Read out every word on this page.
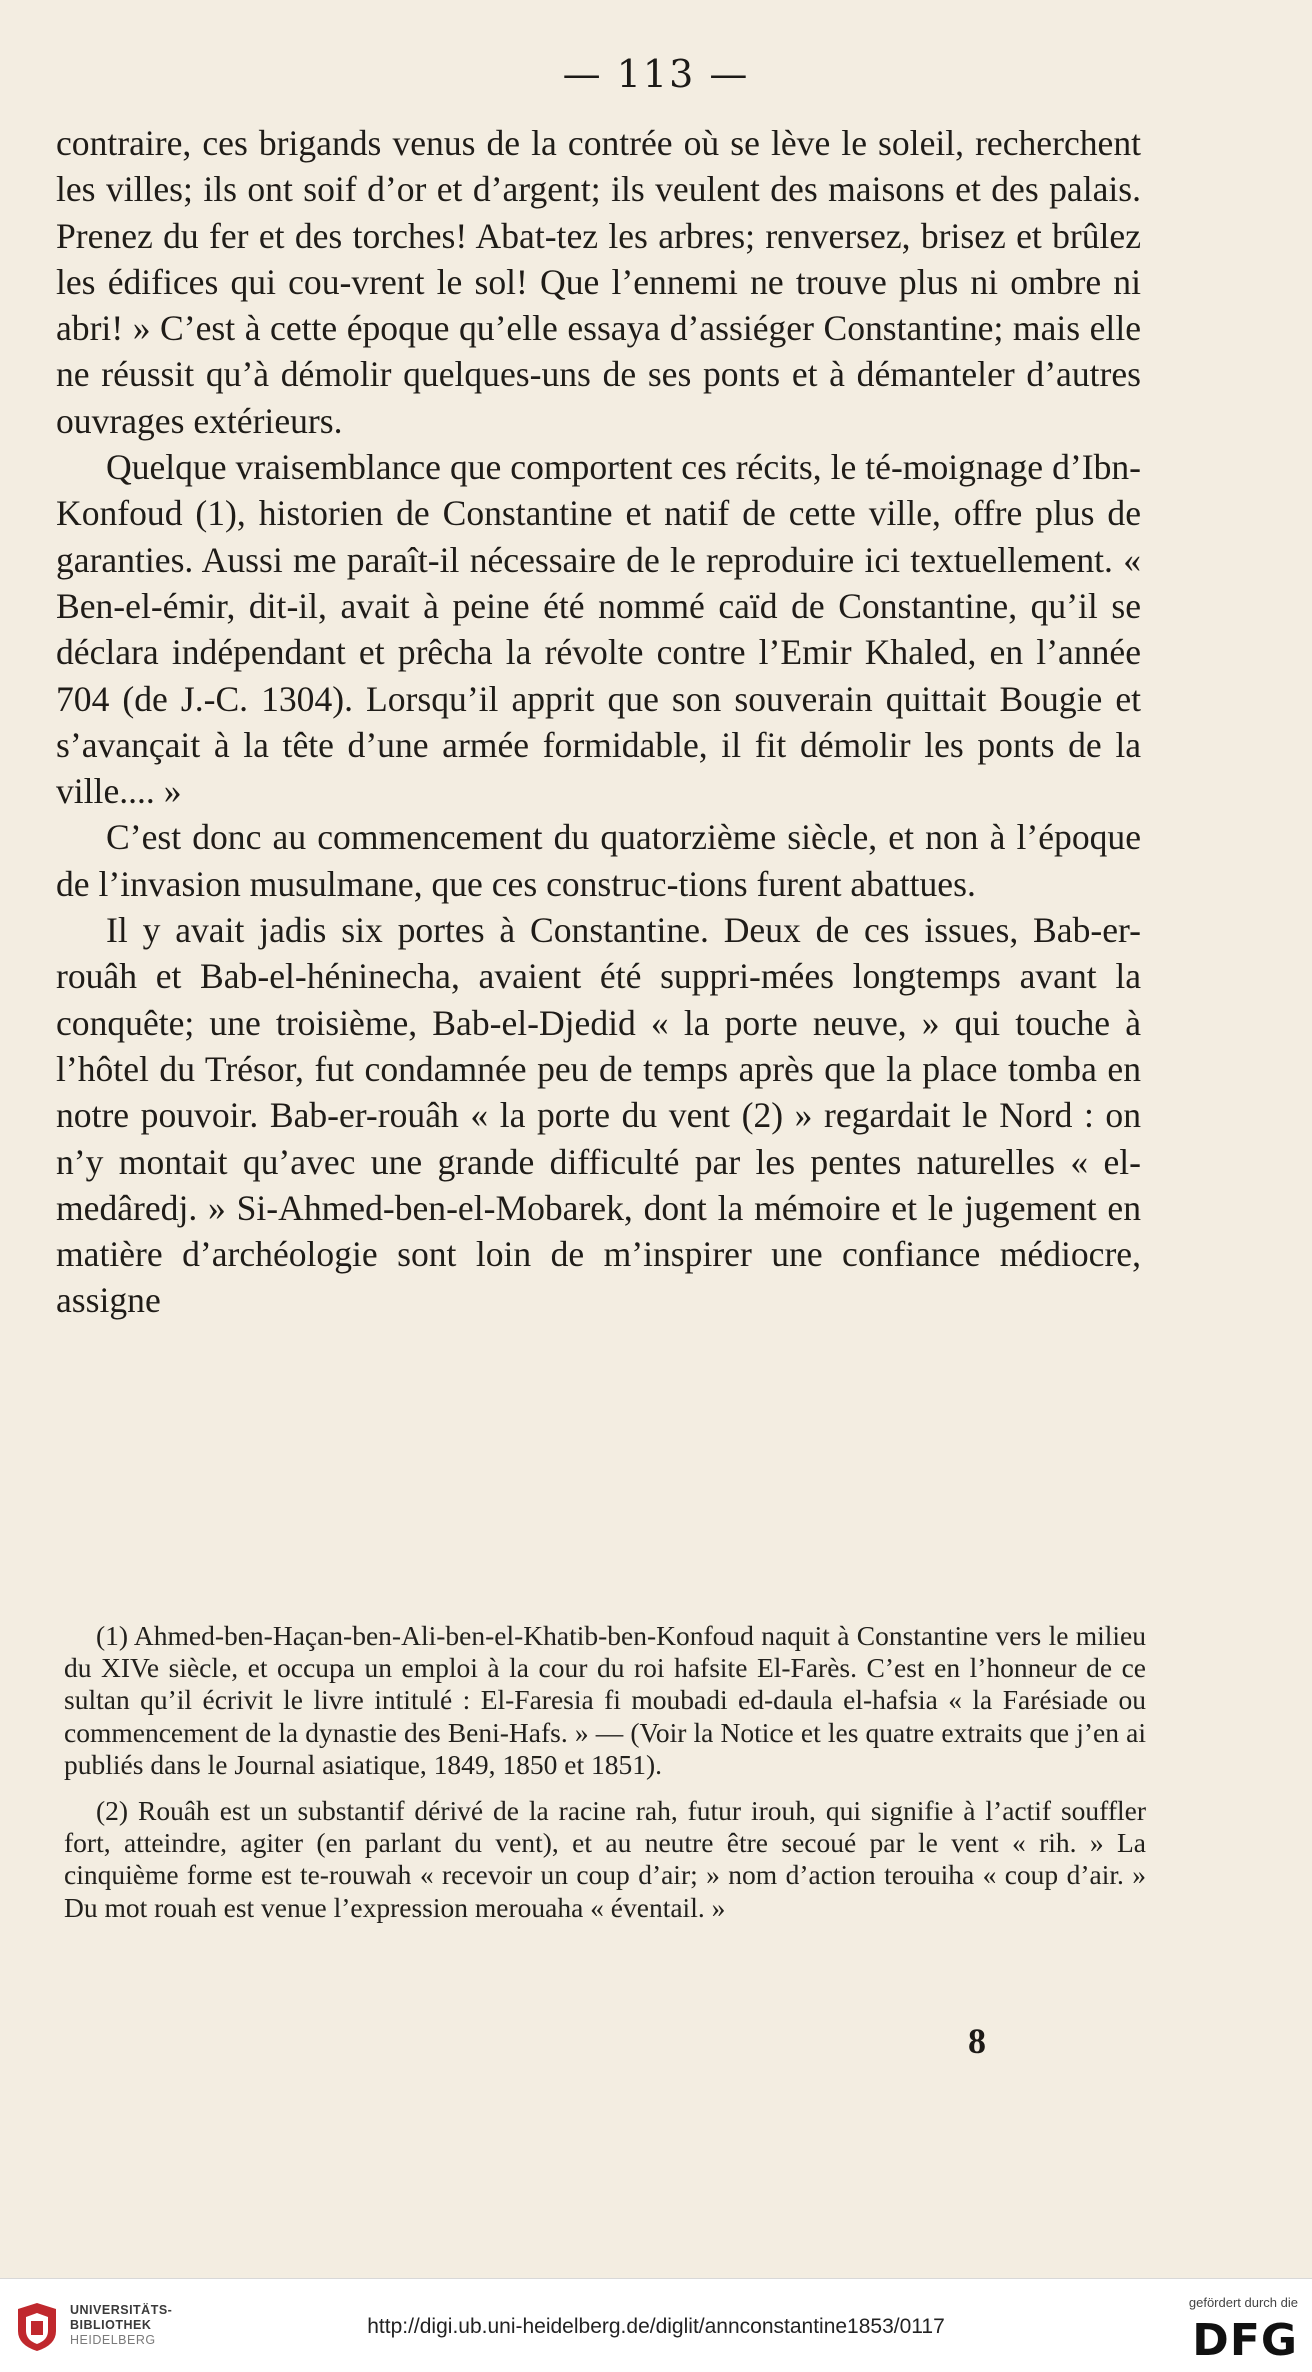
— 113 —

contraire, ces brigands venus de la contrée où se lève le soleil, recherchent les villes; ils ont soif d’or et d’argent; ils veulent des maisons et des palais. Prenez du fer et des torches! Abat-tez les arbres; renversez, brisez et brûlez les édifices qui cou-vrent le sol! Que l’ennemi ne trouve plus ni ombre ni abri! » C’est à cette époque qu’elle essaya d’assiéger Constantine; mais elle ne réussit qu’à démolir quelques-uns de ses ponts et à démanteler d’autres ouvrages extérieurs.

Quelque vraisemblance que comportent ces récits, le té-moignage d’Ibn-Konfoud (1), historien de Constantine et natif de cette ville, offre plus de garanties. Aussi me paraît-il nécessaire de le reproduire ici textuellement. « Ben-el-émir, dit-il, avait à peine été nommé caïd de Constantine, qu’il se déclara indépendant et prêcha la révolte contre l’Emir Khaled, en l’année 704 (de J.-C. 1304). Lorsqu’il apprit que son souverain quittait Bougie et s’avançait à la tête d’une armée formidable, il fit démolir les ponts de la ville.... »

C’est donc au commencement du quatorzième siècle, et non à l’époque de l’invasion musulmane, que ces construc-tions furent abattues.

Il y avait jadis six portes à Constantine. Deux de ces issues, Bab-er-rouâh et Bab-el-héninecha, avaient été suppri-mées longtemps avant la conquête; une troisième, Bab-el-Djedid « la porte neuve, » qui touche à l’hôtel du Trésor, fut condamnée peu de temps après que la place tomba en notre pouvoir. Bab-er-rouâh « la porte du vent (2) » regardait le Nord : on n’y montait qu’avec une grande difficulté par les pentes naturelles « el-medâredj. » Si-Ahmed-ben-el-Mobarek, dont la mémoire et le jugement en matière d’archéologie sont loin de m’inspirer une confiance médiocre, assigne

(1) Ahmed-ben-Haçan-ben-Ali-ben-el-Khatib-ben-Konfoud naquit à Constantine vers le milieu du XIVe siècle, et occupa un emploi à la cour du roi hafsite El-Farès. C’est en l’honneur de ce sultan qu’il écrivit le livre intitulé : El-Faresia fi moubadi ed-daula el-hafsia « la Farésiade ou commencement de la dynastie des Beni-Hafs. » — (Voir la Notice et les quatre extraits que j’en ai publiés dans le Journal asiatique, 1849, 1850 et 1851).

(2) Rouâh est un substantif dérivé de la racine rah, futur irouh, qui signifie à l’actif souffler fort, atteindre, agiter (en parlant du vent), et au neutre être secoué par le vent « rih. » La cinquième forme est te-rouwah « recevoir un coup d’air; » nom d’action terouiha « coup d’air. » Du mot rouah est venue l’expression merouaha « éventail. »

8
UNIVERSITÄTS-
BIBLIOTHEK
HEIDELBERG
http://digi.ub.uni-heidelberg.de/diglit/annconstantine1853/0117
gefördert durch die
DFG
